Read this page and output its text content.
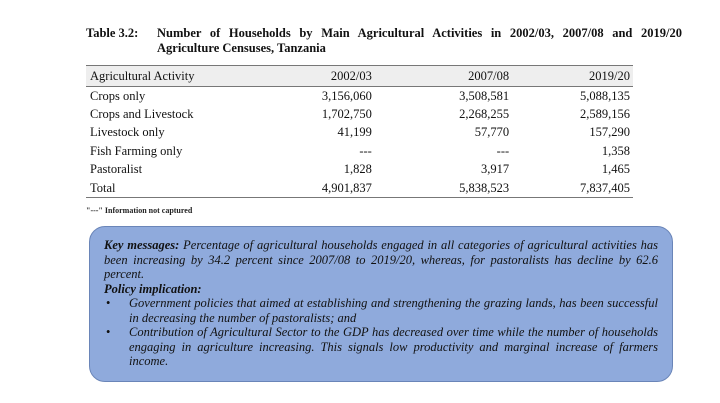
Table 3.2: Number of Households by Main Agricultural Activities in 2002/03, 2007/08 and 2019/20 Agriculture Censuses, Tanzania
Agricultural Activity	2002/03	2007/08	2019/20
Crops only	3,156,060	3,508,581	5,088,135
Crops and Livestock	1,702,750	2,268,255	2,589,156
Livestock only	41,199	57,770	157,290
Fish Farming only	---	---	1,358
Pastoralist	1,828	3,917	1,465
Total	4,901,837	5,838,523	7,837,405
"---" Information not captured
Key messages: Percentage of agricultural households engaged in all categories of agricultural activities has been increasing by 34.2 percent since 2007/08 to 2019/20, whereas, for pastoralists has decline by 62.6 percent.
Policy implication:
• Government policies that aimed at establishing and strengthening the grazing lands, has been successful in decreasing the number of pastoralists; and
• Contribution of Agricultural Sector to the GDP has decreased over time while the number of households engaging in agriculture increasing. This signals low productivity and marginal increase of farmers income.
